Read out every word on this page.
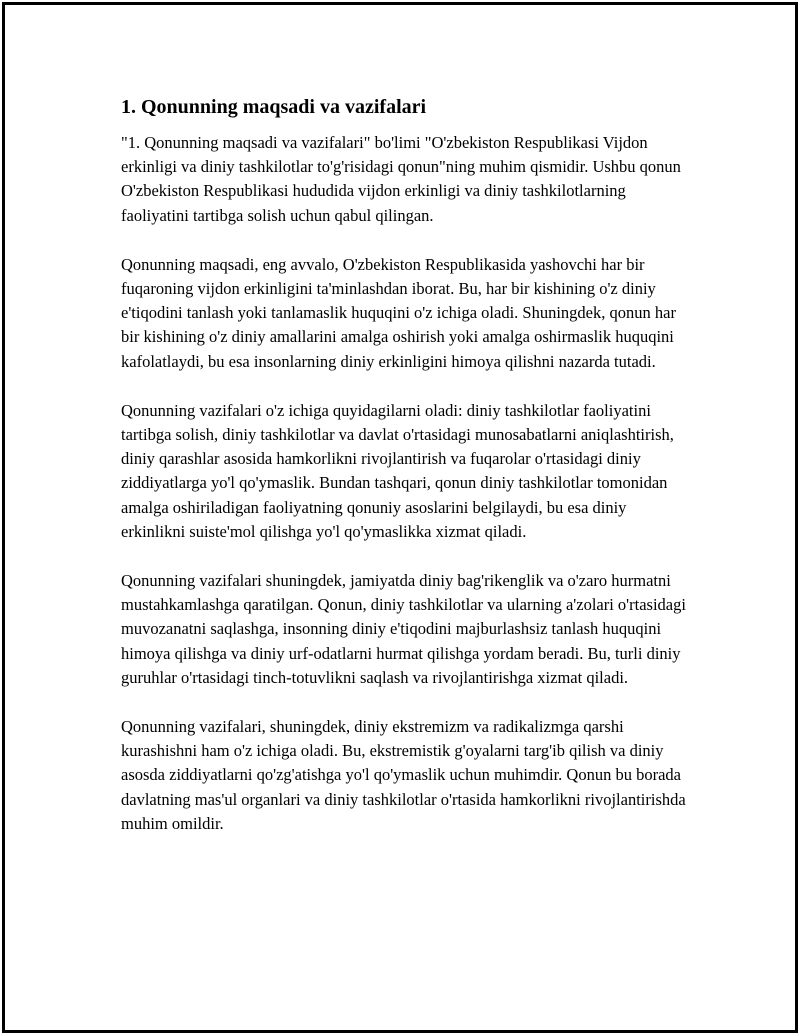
1. Qonunning maqsadi va vazifalari

"1. Qonunning maqsadi va vazifalari" bo'limi "O'zbekiston Respublikasi Vijdon erkinligi va diniy tashkilotlar to'g'risidagi qonun"ning muhim qismidir. Ushbu qonun O'zbekiston Respublikasi hududida vijdon erkinligi va diniy tashkilotlarning faoliyatini tartibga solish uchun qabul qilingan.

Qonunning maqsadi, eng avvalo, O'zbekiston Respublikasida yashovchi har bir fuqaroning vijdon erkinligini ta'minlashdan iborat. Bu, har bir kishining o'z diniy e'tiqodini tanlash yoki tanlamaslik huquqini o'z ichiga oladi. Shuningdek, qonun har bir kishining o'z diniy amallarini amalga oshirish yoki amalga oshirmaslik huquqini kafolatlaydi, bu esa insonlarning diniy erkinligini himoya qilishni nazarda tutadi.

Qonunning vazifalari o'z ichiga quyidagilarni oladi: diniy tashkilotlar faoliyatini tartibga solish, diniy tashkilotlar va davlat o'rtasidagi munosabatlarni aniqlashtirish, diniy qarashlar asosida hamkorlikni rivojlantirish va fuqarolar o'rtasidagi diniy ziddiyatlarga yo'l qo'ymaslik. Bundan tashqari, qonun diniy tashkilotlar tomonidan amalga oshiriladigan faoliyatning qonuniy asoslarini belgilaydi, bu esa diniy erkinlikni suiste'mol qilishga yo'l qo'ymaslikka xizmat qiladi.

Qonunning vazifalari shuningdek, jamiyatda diniy bag'rikenglik va o'zaro hurmatni mustahkamlashga qaratilgan. Qonun, diniy tashkilotlar va ularning a'zolari o'rtasidagi muvozanatni saqlashga, insonning diniy e'tiqodini majburlashsiz tanlash huquqini himoya qilishga va diniy urf-odatlarni hurmat qilishga yordam beradi. Bu, turli diniy guruhlar o'rtasidagi tinch-totuvlikni saqlash va rivojlantirishga xizmat qiladi.

Qonunning vazifalari, shuningdek, diniy ekstremizm va radikalizmga qarshi kurashishni ham o'z ichiga oladi. Bu, ekstremistik g'oyalarni targ'ib qilish va diniy asosda ziddiyatlarni qo'zg'atishga yo'l qo'ymaslik uchun muhimdir. Qonun bu borada davlatning mas'ul organlari va diniy tashkilotlar o'rtasida hamkorlikni rivojlantirishda muhim omildir.
